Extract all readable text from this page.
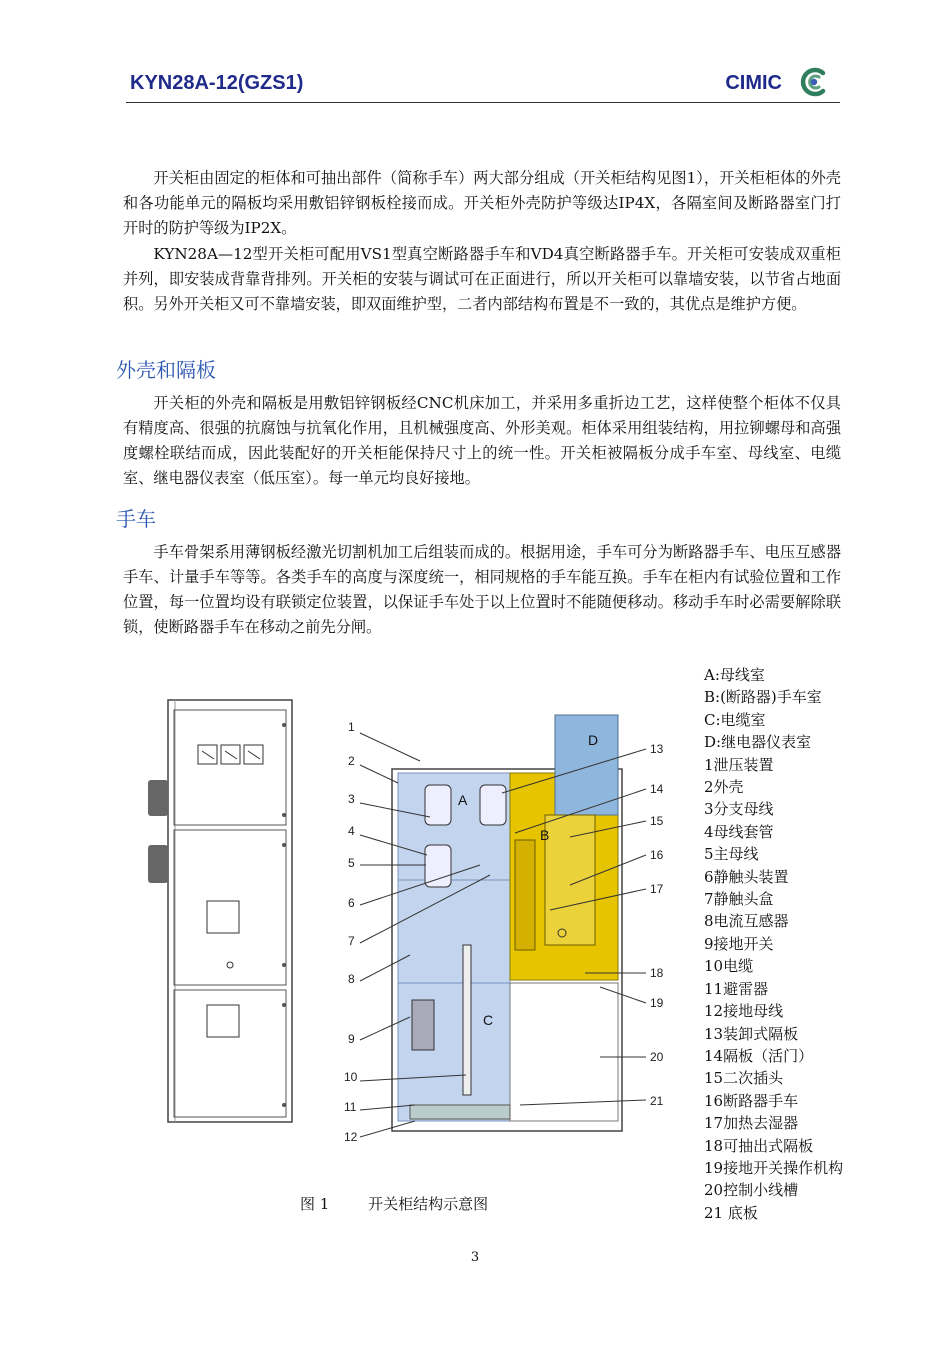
KYN28A-12(GZS1)	CIMIC

开关柜由固定的柜体和可抽出部件（简称手车）两大部分组成（开关柜结构见图1），开关柜柜体的外壳和各功能单元的隔板均采用敷铝锌钢板栓接而成。开关柜外壳防护等级达IP4X，各隔室间及断路器室门打开时的防护等级为IP2X。

KYN28A—12型开关柜可配用VS1型真空断路器手车和VD4真空断路器手车。开关柜可安装成双重柜并列，即安装成背靠背排列。开关柜的安装与调试可在正面进行，所以开关柜可以靠墙安装，以节省占地面积。另外开关柜又可不靠墙安装，即双面维护型，二者内部结构布置是不一致的，其优点是维护方便。

外壳和隔板

开关柜的外壳和隔板是用敷铝锌钢板经CNC机床加工，并采用多重折边工艺，这样使整个柜体不仅具有精度高、很强的抗腐蚀与抗氧化作用，且机械强度高、外形美观。柜体采用组装结构，用拉铆螺母和高强度螺栓联结而成，因此装配好的开关柜能保持尺寸上的统一性。开关柜被隔板分成手车室、母线室、电缆室、继电器仪表室（低压室）。每一单元均良好接地。

手车

手车骨架系用薄钢板经激光切割机加工后组装而成的。根据用途，手车可分为断路器手车、电压互感器手车、计量手车等等。各类手车的高度与深度统一，相同规格的手车能互换。手车在柜内有试验位置和工作位置，每一位置均设有联锁定位装置，以保证手车处于以上位置时不能随便移动。移动手车时必需要解除联锁，使断路器手车在移动之前先分闸。

A
B
C
D
1
2
3
4
5
6
7
8
9
10
11
12
13
14
15
16
17
18
19
20
21
A:母线室
B:(断路器)手车室
C:电缆室
D:继电器仪表室
1泄压装置
2外壳
3分支母线
4母线套管
5主母线
6静触头装置
7静触头盒
8电流互感器
9接地开关
10电缆
11避雷器
12接地母线
13装卸式隔板
14隔板（活门）
15二次插头
16断路器手车
17加热去湿器
18可抽出式隔板
19接地开关操作机构
20控制小线槽
21 底板
图 1	开关柜结构示意图
3
